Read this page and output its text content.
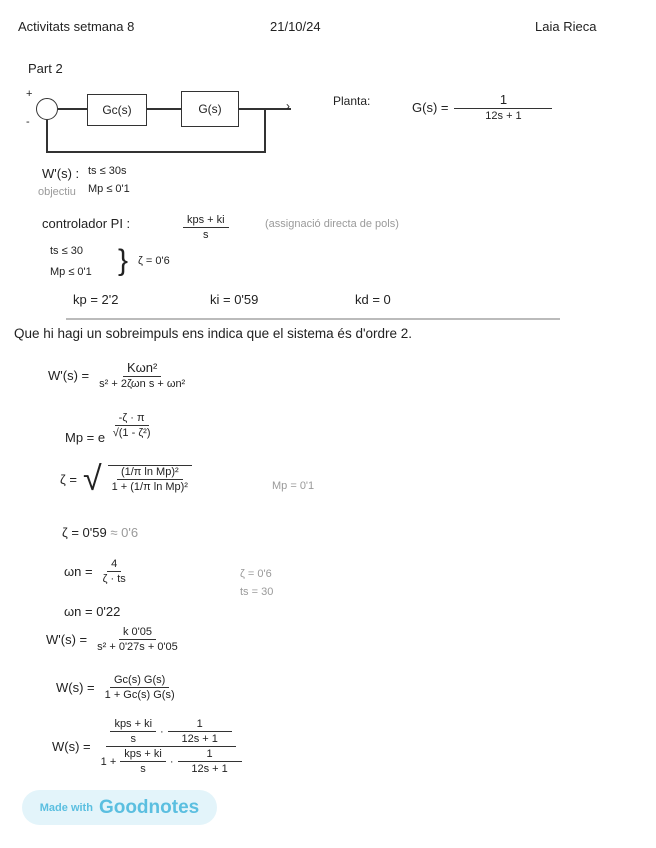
Activitats setmana 8	21/10/24	Laia Rieca
Part 2
+
-
Gc(s)	G(s)	›	Planta:	$G(s) = \frac{1}{12s + 1}$
W'(s) :
objectiu
ts ≤ 30s
Mp ≤ 0'1
controlador PI :	$\frac{\text{kps + ki}}{s}$	(assignació directa de pols)
ts ≤ 30
Mp ≤ 0'1 } ζ = 0'6
kp = 2'2	ki = 0'59	kd = 0
Que hi hagi un sobreimpuls ens indica que el sistema és d'ordre 2.
$W'(s) = \frac{\text{Kωn²}}{\text{s² + 2ζωn s + ωn²}}$
Mp = e $\frac{-\zeta \cdot \pi}{\text{√(1 - ζ²)}}$
ζ = √ $\frac{\text{(1/π ln Mp)²}}{\text{1 + (1/π ln Mp)²}}$	Mp = 0'1
ζ = 0'59 ≈ 0'6
$\omega n = \frac{4}{\zeta \cdot ts}$	ζ = 0'6
ts = 30
ωn = 0'22
$W'(s) = \frac{k 0'05}{\text{s² + 0'27s + 0'05}}$
$W(s) = \frac{Gc(s) G(s)}{1 + Gc(s) G(s)}$
$W(s) = \frac{\frac{\text{kps + ki}}{s} \cdot \frac{1}{12s + 1}}{1 + \frac{\text{kps + ki}}{s} \cdot \frac{1}{12s + 1}}$
Made with Goodnotes
